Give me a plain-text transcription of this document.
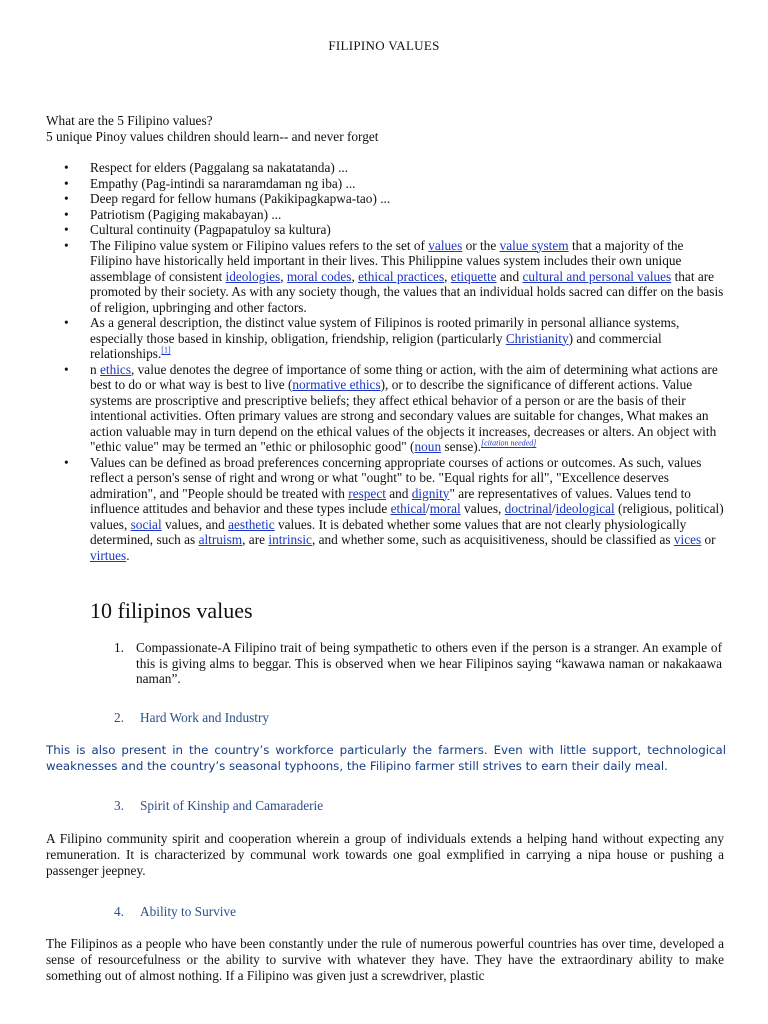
FILIPINO VALUES
What are the 5 Filipino values?
5 unique Pinoy values children should learn-- and never forget
• Respect for elders (Paggalang sa nakatatanda) ...
• Empathy (Pag-intindi sa nararamdaman ng iba) ...
• Deep regard for fellow humans (Pakikipagkapwa-tao) ...
• Patriotism (Pagiging makabayan) ...
• Cultural continuity (Pagpapatuloy sa kultura)
• The Filipino value system or Filipino values refers to the set of values or the value system that a majority of the Filipino have historically held important in their lives. This Philippine values system includes their own unique assemblage of consistent ideologies, moral codes, ethical practices, etiquette and cultural and personal values that are promoted by their society. As with any society though, the values that an individual holds sacred can differ on the basis of religion, upbringing and other factors.
• As a general description, the distinct value system of Filipinos is rooted primarily in personal alliance systems, especially those based in kinship, obligation, friendship, religion (particularly Christianity) and commercial relationships.[1]
• n ethics, value denotes the degree of importance of some thing or action, with the aim of determining what actions are best to do or what way is best to live (normative ethics), or to describe the significance of different actions. Value systems are proscriptive and prescriptive beliefs; they affect ethical behavior of a person or are the basis of their intentional activities. Often primary values are strong and secondary values are suitable for changes, What makes an action valuable may in turn depend on the ethical values of the objects it increases, decreases or alters. An object with "ethic value" may be termed an "ethic or philosophic good" (noun sense).[citation needed]
• Values can be defined as broad preferences concerning appropriate courses of actions or outcomes. As such, values reflect a person's sense of right and wrong or what "ought" to be. "Equal rights for all", "Excellence deserves admiration", and "People should be treated with respect and dignity" are representatives of values. Values tend to influence attitudes and behavior and these types include ethical/moral values, doctrinal/ideological (religious, political) values, social values, and aesthetic values. It is debated whether some values that are not clearly physiologically determined, such as altruism, are intrinsic, and whether some, such as acquisitiveness, should be classified as vices or virtues.
10 filipinos values
1. Compassionate-A Filipino trait of being sympathetic to others even if the person is a stranger. An example of this is giving alms to beggar. This is observed when we hear Filipinos saying “kawawa naman or nakakaawa naman”.
2. Hard Work and Industry
This is also present in the country’s workforce particularly the farmers. Even with little support, technological weaknesses and the country’s seasonal typhoons, the Filipino farmer still strives to earn their daily meal.
3. Spirit of Kinship and Camaraderie
A Filipino community spirit and cooperation wherein a group of individuals extends a helping hand without expecting any remuneration. It is characterized by communal work towards one goal exmplified in carrying a nipa house or pushing a passenger jeepney.
4. Ability to Survive
The Filipinos as a people who have been constantly under the rule of numerous powerful countries has over time, developed a sense of resourcefulness or the ability to survive with whatever they have. They have the extraordinary ability to make something out of almost nothing. If a Filipino was given just a screwdriver, plastic
